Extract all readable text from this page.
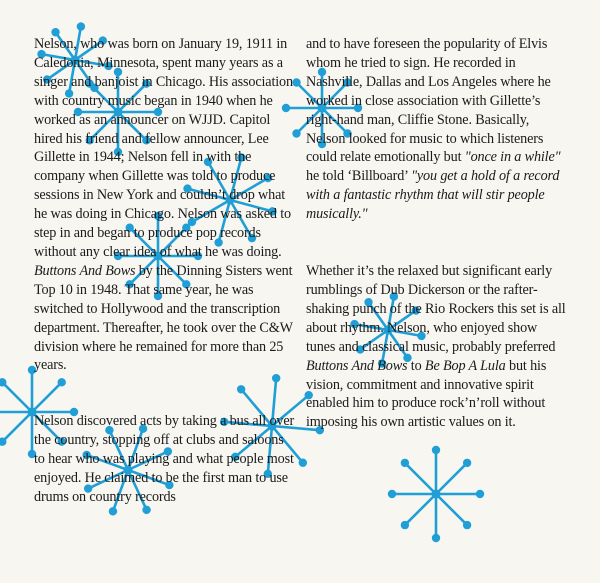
Nelson, who was born on January 19, 1911 in Caledonia, Minnesota, spent many years as a singer and banjoist in Chicago. His association with country music began in 1940 when he worked as an announcer on WJJD. Capitol hired his friend and fellow announcer, Lee Gillette in 1944; Nelson fell in with the company when Gillette was told to produce sessions in New York and couldn’t drop what he was doing in Chicago. Nelson was asked to step in and began to produce pop records without any clear idea of what he was doing. Buttons And Bows by the Dinning Sisters went Top 10 in 1948. That same year, he was switched to Hollywood and the transcription department. Thereafter, he took over the C&W division where he remained for more than 25 years.

Nelson discovered acts by taking a bus all over the country, stopping off at clubs and saloons to hear who was playing and what people most enjoyed. He claimed to be the first man to use drums on country records

and to have foreseen the popularity of Elvis whom he tried to sign. He recorded in Nashville, Dallas and Los Angeles where he worked in close association with Gillette’s right-hand man, Cliffie Stone. Basically, Nelson looked for music to which listeners could relate emotionally but "once in a while" he told ‘Billboard’ "you get a hold of a record with a fantastic rhythm that will stir people musically."

Whether it’s the relaxed but significant early rumblings of Dub Dickerson or the rafter-shaking punch of the Rio Rockers this set is all about rhythm. Nelson, who enjoyed show tunes and classical music, probably preferred Buttons And Bows to Be Bop A Lula but his vision, commitment and innovative spirit enabled him to produce rock’n’roll without imposing his own artistic values on it.
